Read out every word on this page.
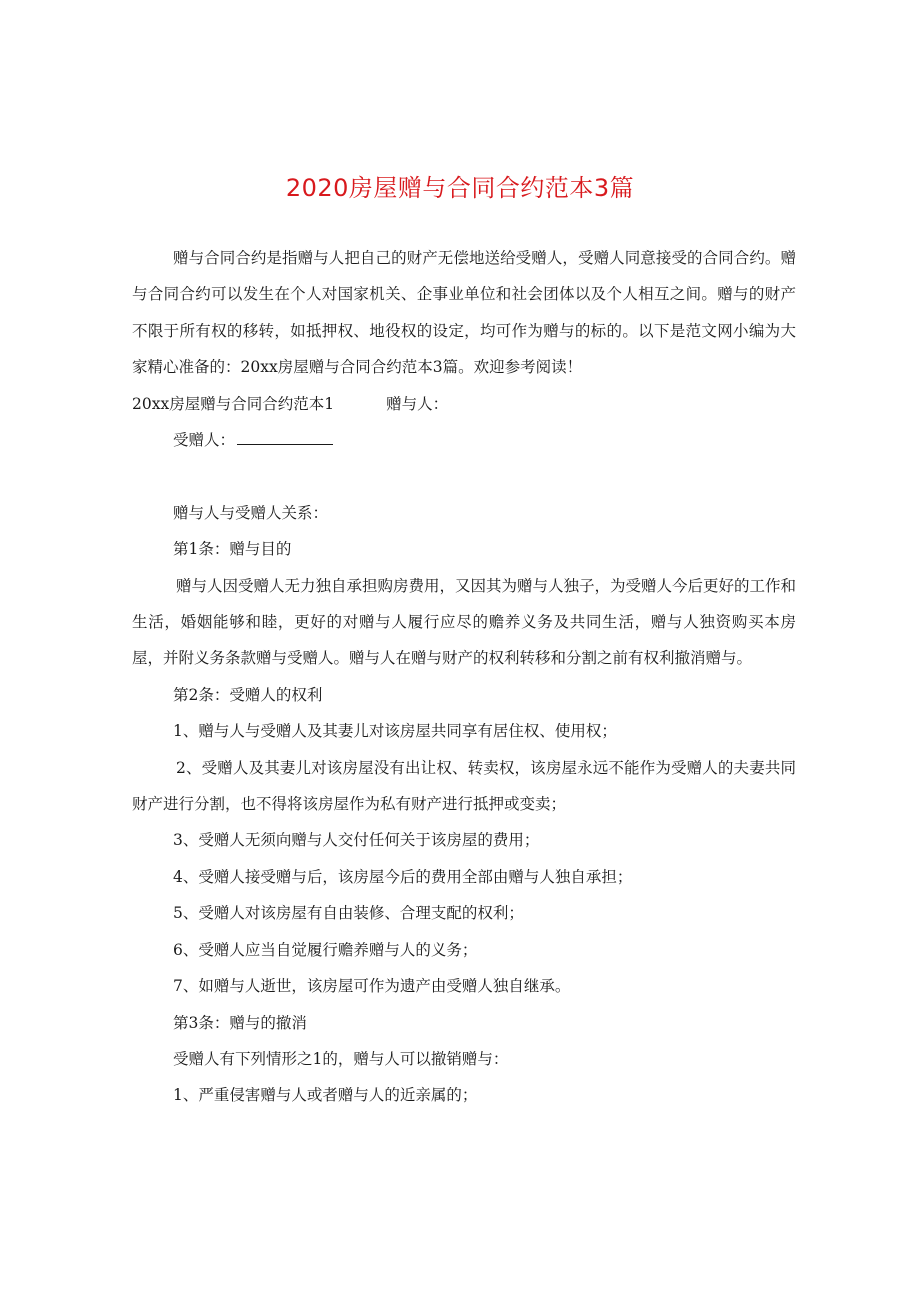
2020房屋赠与合同合约范本3篇

赠与合同合约是指赠与人把自己的财产无偿地送给受赠人，受赠人同意接受的合同合约。赠与合同合约可以发生在个人对国家机关、企事业单位和社会团体以及个人相互之间。赠与的财产不限于所有权的移转，如抵押权、地役权的设定，均可作为赠与的标的。以下是范文网小编为大家精心准备的：20xx房屋赠与合同合约范本3篇。欢迎参考阅读！

20xx房屋赠与合同合约范本1	赠与人：

受赠人：

赠与人与受赠人关系：

第1条：赠与目的

赠与人因受赠人无力独自承担购房费用，又因其为赠与人独子，为受赠人今后更好的工作和生活，婚姻能够和睦，更好的对赠与人履行应尽的赡养义务及共同生活，赠与人独资购买本房屋，并附义务条款赠与受赠人。赠与人在赠与财产的权利转移和分割之前有权利撤消赠与。

第2条：受赠人的权利

1、赠与人与受赠人及其妻儿对该房屋共同享有居住权、使用权；

2、受赠人及其妻儿对该房屋没有出让权、转卖权，该房屋永远不能作为受赠人的夫妻共同财产进行分割，也不得将该房屋作为私有财产进行抵押或变卖；

3、受赠人无须向赠与人交付任何关于该房屋的费用；

4、受赠人接受赠与后，该房屋今后的费用全部由赠与人独自承担；

5、受赠人对该房屋有自由装修、合理支配的权利；

6、受赠人应当自觉履行赡养赠与人的义务；

7、如赠与人逝世，该房屋可作为遗产由受赠人独自继承。

第3条：赠与的撤消

受赠人有下列情形之1的，赠与人可以撤销赠与：

1、严重侵害赠与人或者赠与人的近亲属的；
